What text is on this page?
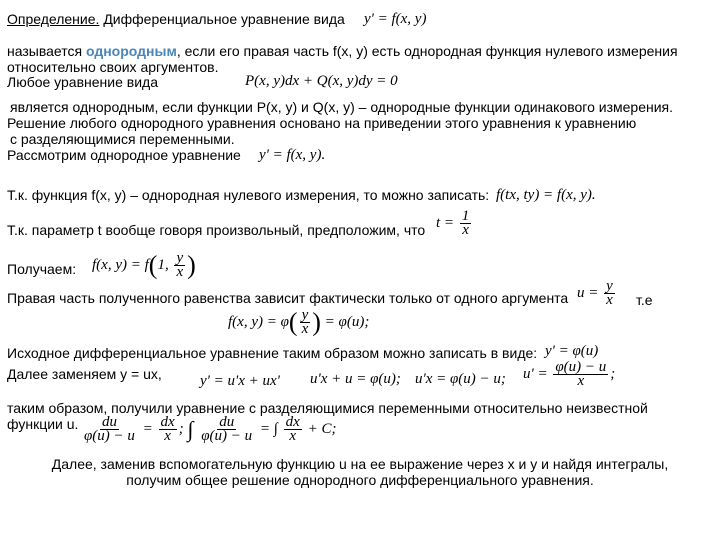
Определение. Дифференциальное уравнение вида y' = f(x, y)
называется однородным, если его правая часть f(x, y) есть однородная функция нулевого измерения
относительно своих аргументов.
Любое уравнение вида	P(x, y)dx + Q(x, y)dy = 0
является однородным, если функции P(x, y) и Q(x, y) – однородные функции одинакового измерения.
Решение любого однородного уравнения основано на приведении этого уравнения к уравнению
с разделяющимися переменными.
Рассмотрим однородное уравнение y' = f(x, y).
Т.к. функция f(x, y) – однородная нулевого измерения, то можно записать: f(tx, ty) = f(x, y).
Т.к. параметр t вообще говоря произвольный, предположим, что $t = \frac{1}{x}$
Получаем: f(x, y) = f(1, $\frac{y}{x}$ )
Правая часть полученного равенства зависит фактически только от одного аргумента $u = \frac{y}{x} т.е$
f(x, $y) = \varphi( \frac{y}{x}$ ) = φ(u);
Исходное дифференциальное уравнение таким образом можно записать в виде: y' = φ(u)
Далее заменяем y = ux,	y' = u'x + ux' u'x + u = φ(u); u'x = φ(u) − u; $u' = \frac{\varphi(u) - u}{x}$ ;
таким образом, получили уравнение с разделяющимися переменными относительно неизвестной
функции u. $\frac{du}{\varphi(u) - u} = \frac{dx}{x}$ ; ∫ $\frac{du}{\varphi(u) - u}$ = ∫ $\frac{dx}{x} + C$;
Далее, заменив вспомогательную функцию u на ее выражение через x и y и найдя интегралы,
получим общее решение однородного дифференциального уравнения.
